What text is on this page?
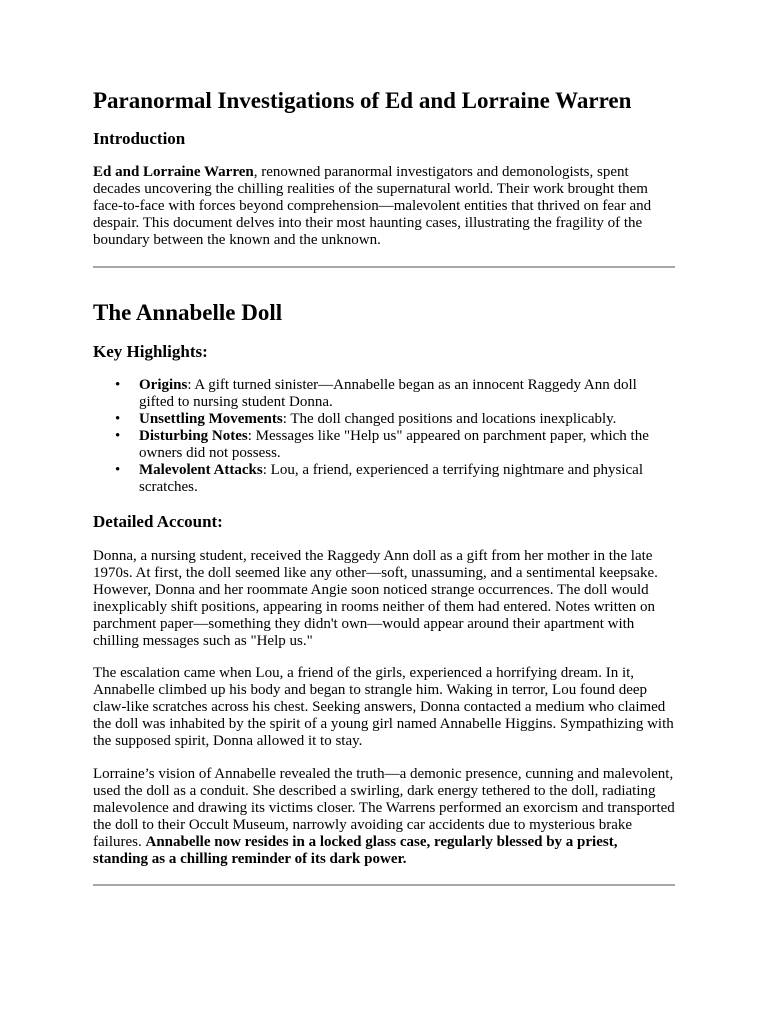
Paranormal Investigations of Ed and Lorraine Warren
Introduction

Ed and Lorraine Warren, renowned paranormal investigators and demonologists, spent decades uncovering the chilling realities of the supernatural world. Their work brought them face-to-face with forces beyond comprehension—malevolent entities that thrived on fear and despair. This document delves into their most haunting cases, illustrating the fragility of the boundary between the known and the unknown.

The Annabelle Doll
Key Highlights:
• Origins: A gift turned sinister—Annabelle began as an innocent Raggedy Ann doll gifted to nursing student Donna.
• Unsettling Movements: The doll changed positions and locations inexplicably.
• Disturbing Notes: Messages like "Help us" appeared on parchment paper, which the owners did not possess.
• Malevolent Attacks: Lou, a friend, experienced a terrifying nightmare and physical scratches.
Detailed Account:

Donna, a nursing student, received the Raggedy Ann doll as a gift from her mother in the late 1970s. At first, the doll seemed like any other—soft, unassuming, and a sentimental keepsake. However, Donna and her roommate Angie soon noticed strange occurrences. The doll would inexplicably shift positions, appearing in rooms neither of them had entered. Notes written on parchment paper—something they didn't own—would appear around their apartment with chilling messages such as "Help us."

The escalation came when Lou, a friend of the girls, experienced a horrifying dream. In it, Annabelle climbed up his body and began to strangle him. Waking in terror, Lou found deep claw-like scratches across his chest. Seeking answers, Donna contacted a medium who claimed the doll was inhabited by the spirit of a young girl named Annabelle Higgins. Sympathizing with the supposed spirit, Donna allowed it to stay.

Lorraine’s vision of Annabelle revealed the truth—a demonic presence, cunning and malevolent, used the doll as a conduit. She described a swirling, dark energy tethered to the doll, radiating malevolence and drawing its victims closer. The Warrens performed an exorcism and transported the doll to their Occult Museum, narrowly avoiding car accidents due to mysterious brake failures. Annabelle now resides in a locked glass case, regularly blessed by a priest, standing as a chilling reminder of its dark power.
